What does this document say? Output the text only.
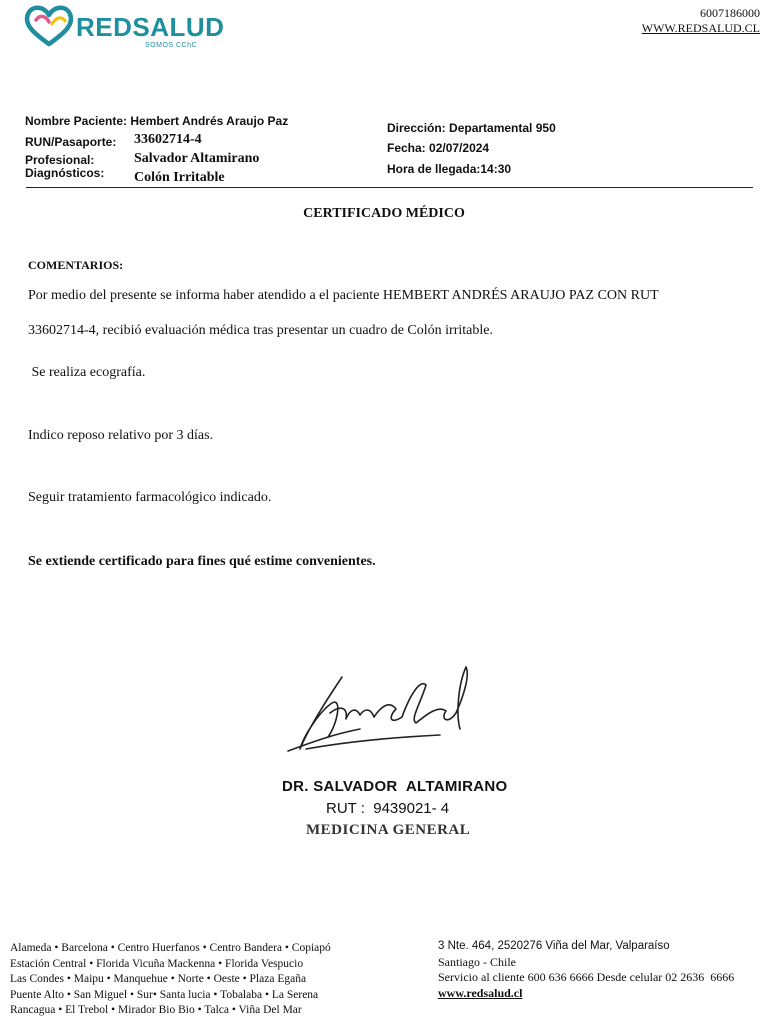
REDSALUD
SOMOS CChC
6007186000
WWW.REDSALUD.CL
Nombre Paciente: Hembert Andrés Araujo Paz
RUN/Pasaporte: 33602714-4
Profesional:	Salvador Altamirano
Diagnósticos: Colón Irritable
Dirección: Departamental 950
Fecha: 02/07/2024
Hora de llegada:14:30
CERTIFICADO MÉDICO
COMENTARIOS:
Por medio del presente se informa haber atendido a el paciente HEMBERT ANDRÉS ARAUJO PAZ CON RUT
33602714-4, recibió evaluación médica tras presentar un cuadro de Colón irritable.
Se realiza ecografía.
Indico reposo relativo por 3 días.
Seguir tratamiento farmacológico indicado.
Se extiende certificado para fines qué estime convenientes.
DR. SALVADOR  ALTAMIRANO
RUT :  9439021- 4
MEDICINA GENERAL
Alameda • Barcelona • Centro Huerfanos • Centro Bandera • Copiapó
Estación Central • Florida Vicuña Mackenna • Florida Vespucio
Las Condes • Maipu • Manquehue • Norte • Oeste • Plaza Egaña
Puente Alto • San Miguel • Sur• Santa lucia • Tobalaba • La Serena
Rancagua • El Trebol • Mirador Bio Bio • Talca • Viña Del Mar
3 Nte. 464, 2520276 Viña del Mar, Valparaíso
Santiago - Chile
Servicio al cliente 600 636 6666 Desde celular 02 2636  6666
www.redsalud.cl
